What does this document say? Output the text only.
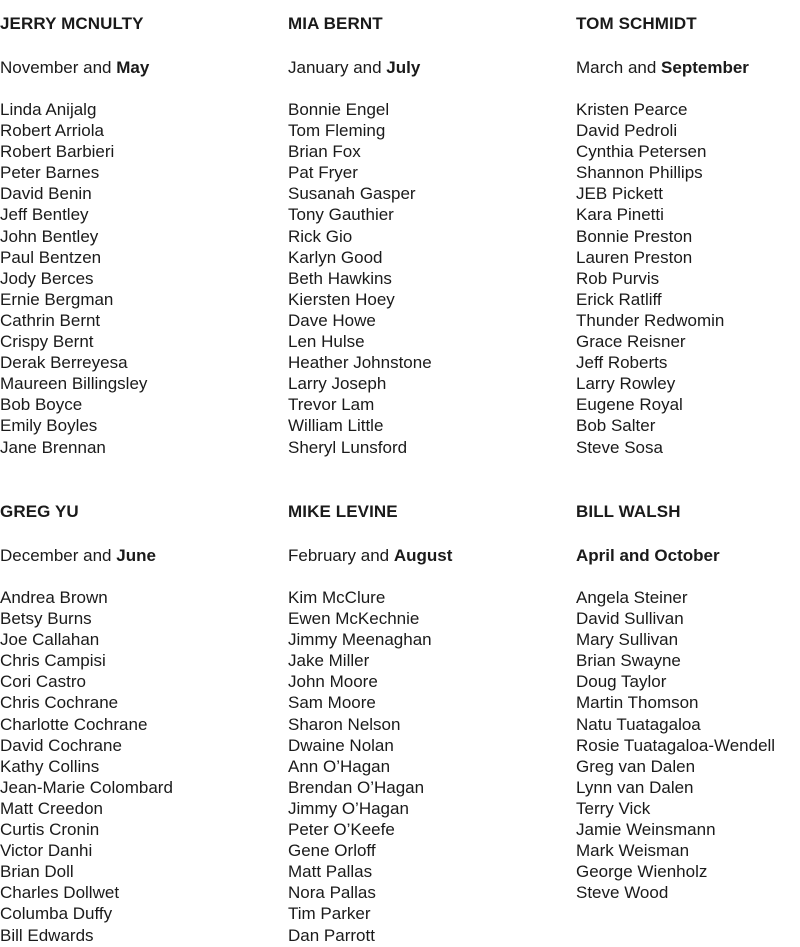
JERRY MCNULTY
November and May
Linda Anijalg
Robert Arriola
Robert Barbieri
Peter Barnes
David Benin
Jeff Bentley
John Bentley
Paul Bentzen
Jody Berces
Ernie Bergman
Cathrin Bernt
Crispy Bernt
Derak Berreyesa
Maureen Billingsley
Bob Boyce
Emily Boyles
Jane Brennan
MIA BERNT
January and July
Bonnie Engel
Tom Fleming
Brian Fox
Pat Fryer
Susanah Gasper
Tony Gauthier
Rick Gio
Karlyn Good
Beth Hawkins
Kiersten Hoey
Dave Howe
Len Hulse
Heather Johnstone
Larry Joseph
Trevor Lam
William Little
Sheryl Lunsford
TOM SCHMIDT
March and September
Kristen Pearce
David Pedroli
Cynthia Petersen
Shannon Phillips
JEB Pickett
Kara Pinetti
Bonnie Preston
Lauren Preston
Rob Purvis
Erick Ratliff
Thunder Redwomin
Grace Reisner
Jeff Roberts
Larry Rowley
Eugene Royal
Bob Salter
Steve Sosa
GREG YU
December and June
Andrea Brown
Betsy Burns
Joe Callahan
Chris Campisi
Cori Castro
Chris Cochrane
Charlotte Cochrane
David Cochrane
Kathy Collins
Jean-Marie Colombard
Matt Creedon
Curtis Cronin
Victor Danhi
Brian Doll
Charles Dollwet
Columba Duffy
Bill Edwards
MIKE LEVINE
February and August
Kim McClure
Ewen McKechnie
Jimmy Meenaghan
Jake Miller
John Moore
Sam Moore
Sharon Nelson
Dwaine Nolan
Ann O’Hagan
Brendan O’Hagan
Jimmy O’Hagan
Peter O’Keefe
Gene Orloff
Matt Pallas
Nora Pallas
Tim Parker
Dan Parrott
BILL WALSH
April and October
Angela Steiner
David Sullivan
Mary Sullivan
Brian Swayne
Doug Taylor
Martin Thomson
Natu Tuatagaloa
Rosie Tuatagaloa-Wendell
Greg van Dalen
Lynn van Dalen
Terry Vick
Jamie Weinsmann
Mark Weisman
George Wienholz
Steve Wood
